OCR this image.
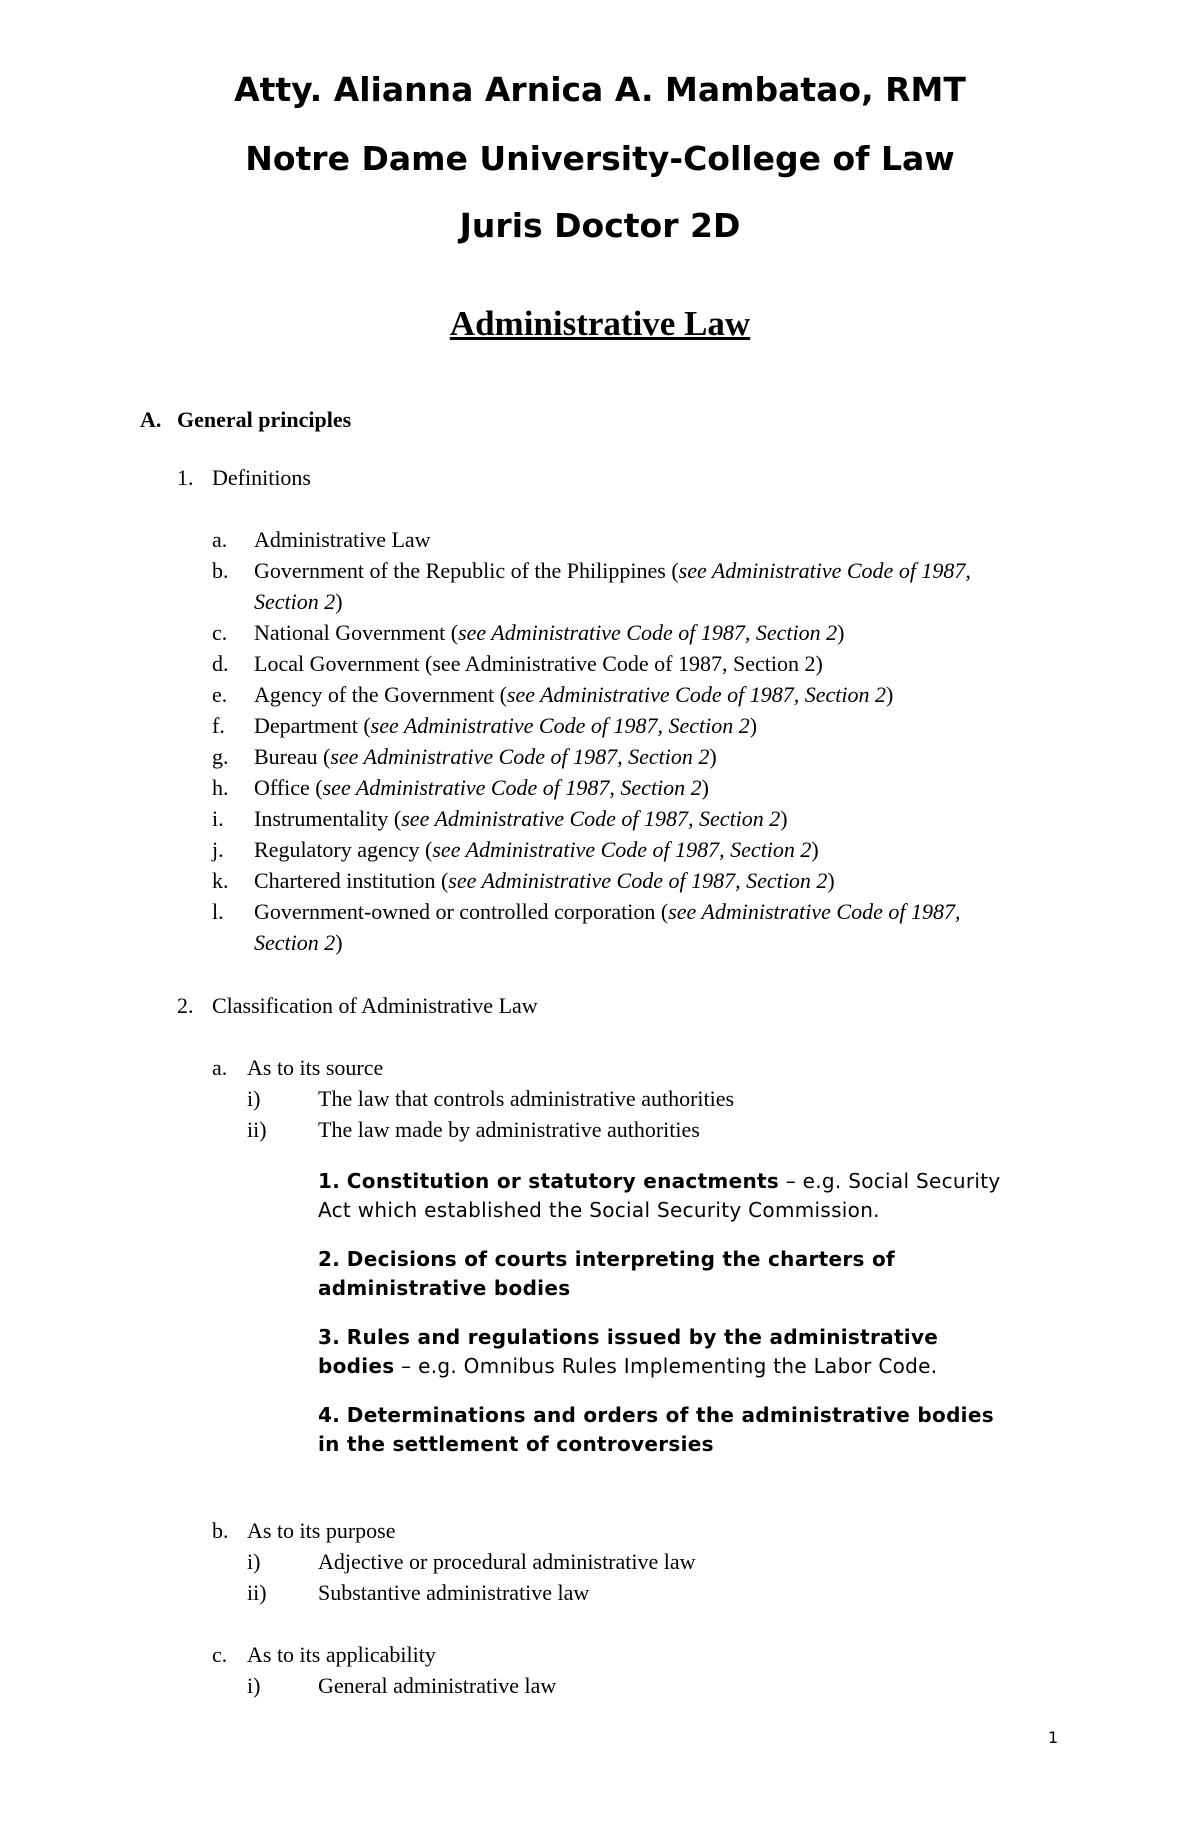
Atty. Alianna Arnica A. Mambatao, RMT
Notre Dame University-College of Law
Juris Doctor 2D
Administrative Law
A. General principles
1. Definitions
a. Administrative Law
b. Government of the Republic of the Philippines (see Administrative Code of 1987,
Section 2)
c. National Government (see Administrative Code of 1987, Section 2)
d. Local Government (see Administrative Code of 1987, Section 2)
e. Agency of the Government (see Administrative Code of 1987, Section 2)
f. Department (see Administrative Code of 1987, Section 2)
g. Bureau (see Administrative Code of 1987, Section 2)
h. Office (see Administrative Code of 1987, Section 2)
i. Instrumentality (see Administrative Code of 1987, Section 2)
j. Regulatory agency (see Administrative Code of 1987, Section 2)
k. Chartered institution (see Administrative Code of 1987, Section 2)
l. Government-owned or controlled corporation (see Administrative Code of 1987,
Section 2)
2. Classification of Administrative Law
a. As to its source
i)	The law that controls administrative authorities
ii) The law made by administrative authorities
1. Constitution or statutory enactments – e.g. Social Security
Act which established the Social Security Commission.
2. Decisions of courts interpreting the charters of
administrative bodies
3. Rules and regulations issued by the administrative
bodies – e.g. Omnibus Rules Implementing the Labor Code.
4. Determinations and orders of the administrative bodies
in the settlement of controversies
b. As to its purpose
i)	Adjective or procedural administrative law
ii) Substantive administrative law
c. As to its applicability
i)	General administrative law
1
